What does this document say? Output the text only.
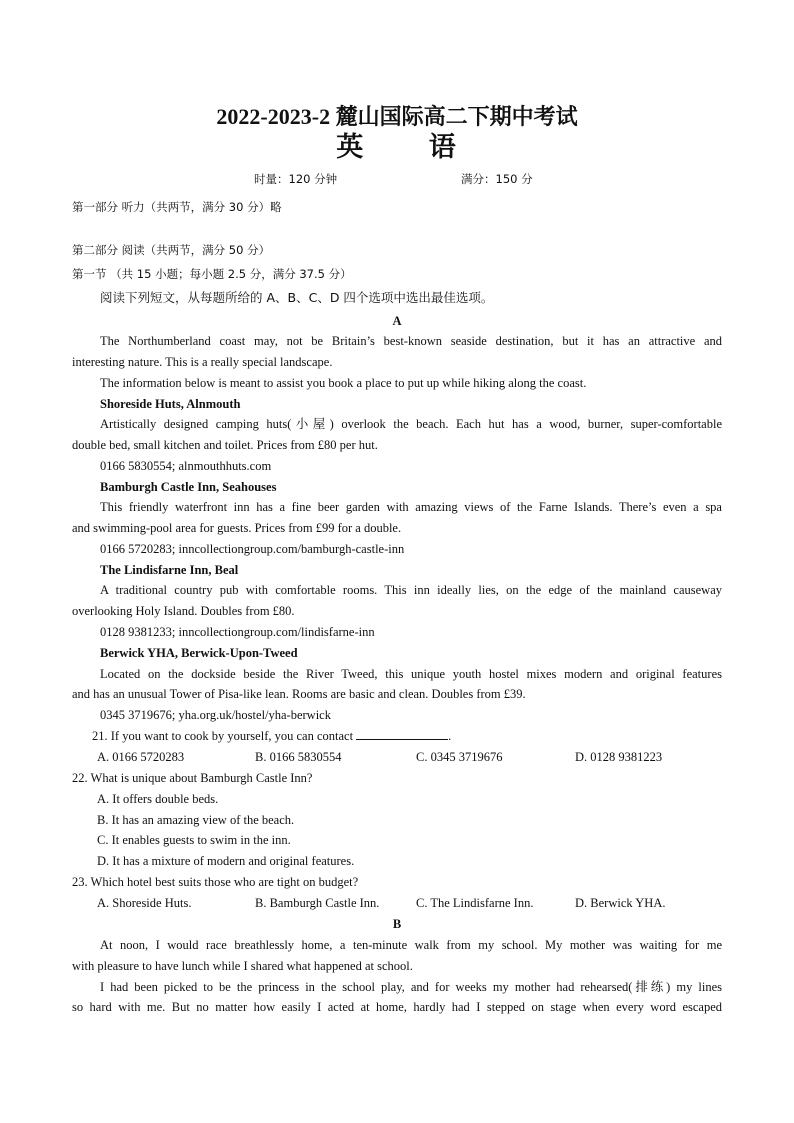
2022-2023-2 麓山国际高二下期中考试
英 语
时量：120 分钟	满分：150 分
第一部分 听力（共两节，满分 30 分）略
第二部分 阅读（共两节，满分 50 分）
第一节 （共 15 小题；每小题 2.5 分，满分 37.5 分）
阅读下列短文，从每题所给的 A、B、C、D 四个选项中选出最佳选项。
A
The Northumberland coast may, not be Britain’s best-known seaside destination, but it has an attractive and
interesting nature. This is a really special landscape.
The information below is meant to assist you book a place to put up while hiking along the coast.
Shoreside Huts, Alnmouth
Artistically designed camping huts(小屋) overlook the beach. Each hut has a wood, burner, super-comfortable
double bed, small kitchen and toilet. Prices from £80 per hut.
0166 5830554; alnmouthhuts.com
Bamburgh Castle Inn, Seahouses
This friendly waterfront inn has a fine beer garden with amazing views of the Farne Islands. There’s even a spa
and swimming-pool area for guests. Prices from £99 for a double.
0166 5720283; inncollectiongroup.com/bamburgh-castle-inn
The Lindisfarne Inn, Beal
A traditional country pub with comfortable rooms. This inn ideally lies, on the edge of the mainland causeway
overlooking Holy Island. Doubles from £80.
0128 9381233; inncollectiongroup.com/lindisfarne-inn
Berwick YHA, Berwick-Upon-Tweed
Located on the dockside beside the River Tweed, this unique youth hostel mixes modern and original features
and has an unusual Tower of Pisa-like lean. Rooms are basic and clean. Doubles from £39.
0345 3719676; yha.org.uk/hostel/yha-berwick
21. If you want to cook by yourself, you can contact	.
A. 0166 5720283	B. 0166 5830554	C. 0345 3719676	D. 0128 9381223
22. What is unique about Bamburgh Castle Inn?
A. It offers double beds.
B. It has an amazing view of the beach.
C. It enables guests to swim in the inn.
D. It has a mixture of modern and original features.
23. Which hotel best suits those who are tight on budget?
A. Shoreside Huts.	B. Bamburgh Castle Inn.	C. The Lindisfarne Inn.	D. Berwick YHA.
B
At noon, I would race breathlessly home, a ten-minute walk from my school. My mother was waiting for me
with pleasure to have lunch while I shared what happened at school.
I had been picked to be the princess in the school play, and for weeks my mother had rehearsed(排练) my lines
so hard with me. But no matter how easily I acted at home, hardly had I stepped on stage when every word escaped
